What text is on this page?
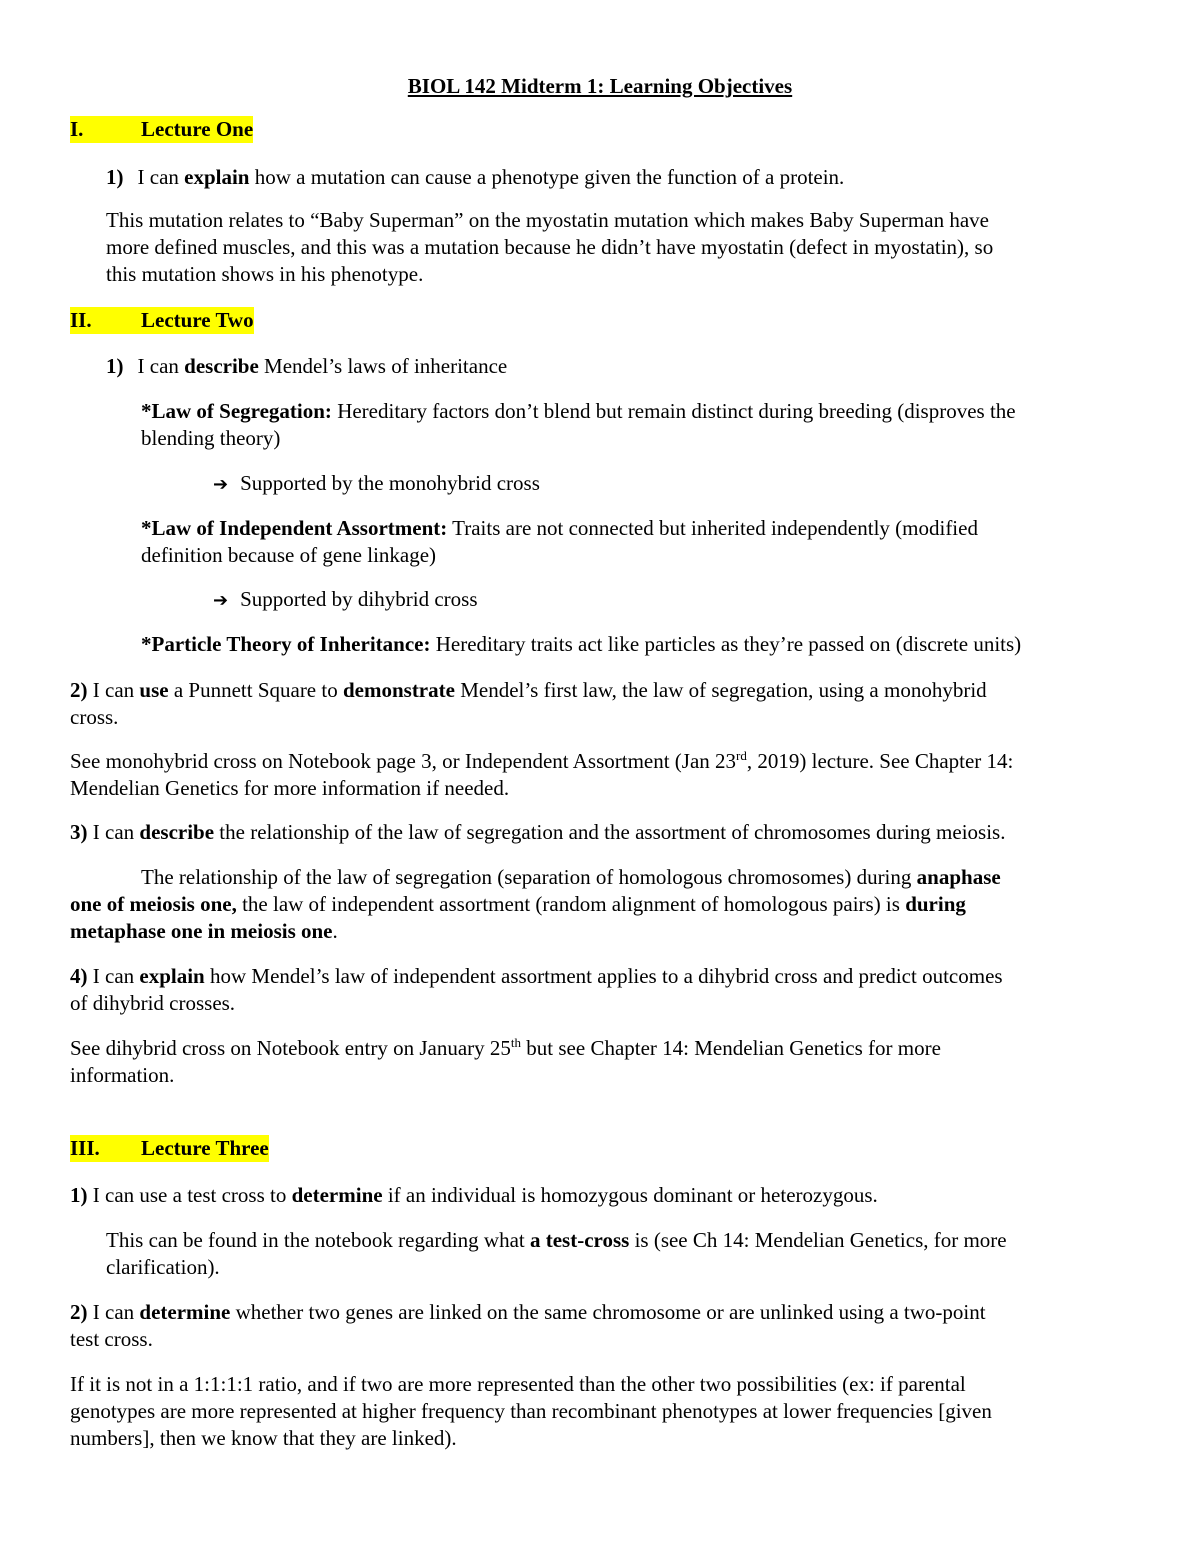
BIOL 142 Midterm 1: Learning Objectives

I.	Lecture One

1) I can explain how a mutation can cause a phenotype given the function of a protein.

This mutation relates to “Baby Superman” on the myostatin mutation which makes Baby Superman have

more defined muscles, and this was a mutation because he didn’t have myostatin (defect in myostatin), so

this mutation shows in his phenotype.

II. Lecture Two

1) I can describe Mendel’s laws of inheritance

*Law of Segregation: Hereditary factors don’t blend but remain distinct during breeding (disproves the

blending theory)

➔ Supported by the monohybrid cross

*Law of Independent Assortment: Traits are not connected but inherited independently (modified

definition because of gene linkage)

➔ Supported by dihybrid cross

*Particle Theory of Inheritance: Hereditary traits act like particles as they’re passed on (discrete units)

2) I can use a Punnett Square to demonstrate Mendel’s first law, the law of segregation, using a monohybrid

cross.

See monohybrid cross on Notebook page 3, or Independent Assortment (Jan 23rd, 2019) lecture. See Chapter 14:

Mendelian Genetics for more information if needed.

3) I can describe the relationship of the law of segregation and the assortment of chromosomes during meiosis.

The relationship of the law of segregation (separation of homologous chromosomes) during anaphase

one of meiosis one, the law of independent assortment (random alignment of homologous pairs) is during

metaphase one in meiosis one.

4) I can explain how Mendel’s law of independent assortment applies to a dihybrid cross and predict outcomes

of dihybrid crosses.

See dihybrid cross on Notebook entry on January 25th but see Chapter 14: Mendelian Genetics for more

information.

III. Lecture Three

1) I can use a test cross to determine if an individual is homozygous dominant or heterozygous.

This can be found in the notebook regarding what a test-cross is (see Ch 14: Mendelian Genetics, for more

clarification).

2) I can determine whether two genes are linked on the same chromosome or are unlinked using a two-point

test cross.

If it is not in a 1:1:1:1 ratio, and if two are more represented than the other two possibilities (ex: if parental

genotypes are more represented at higher frequency than recombinant phenotypes at lower frequencies [given

numbers], then we know that they are linked).
